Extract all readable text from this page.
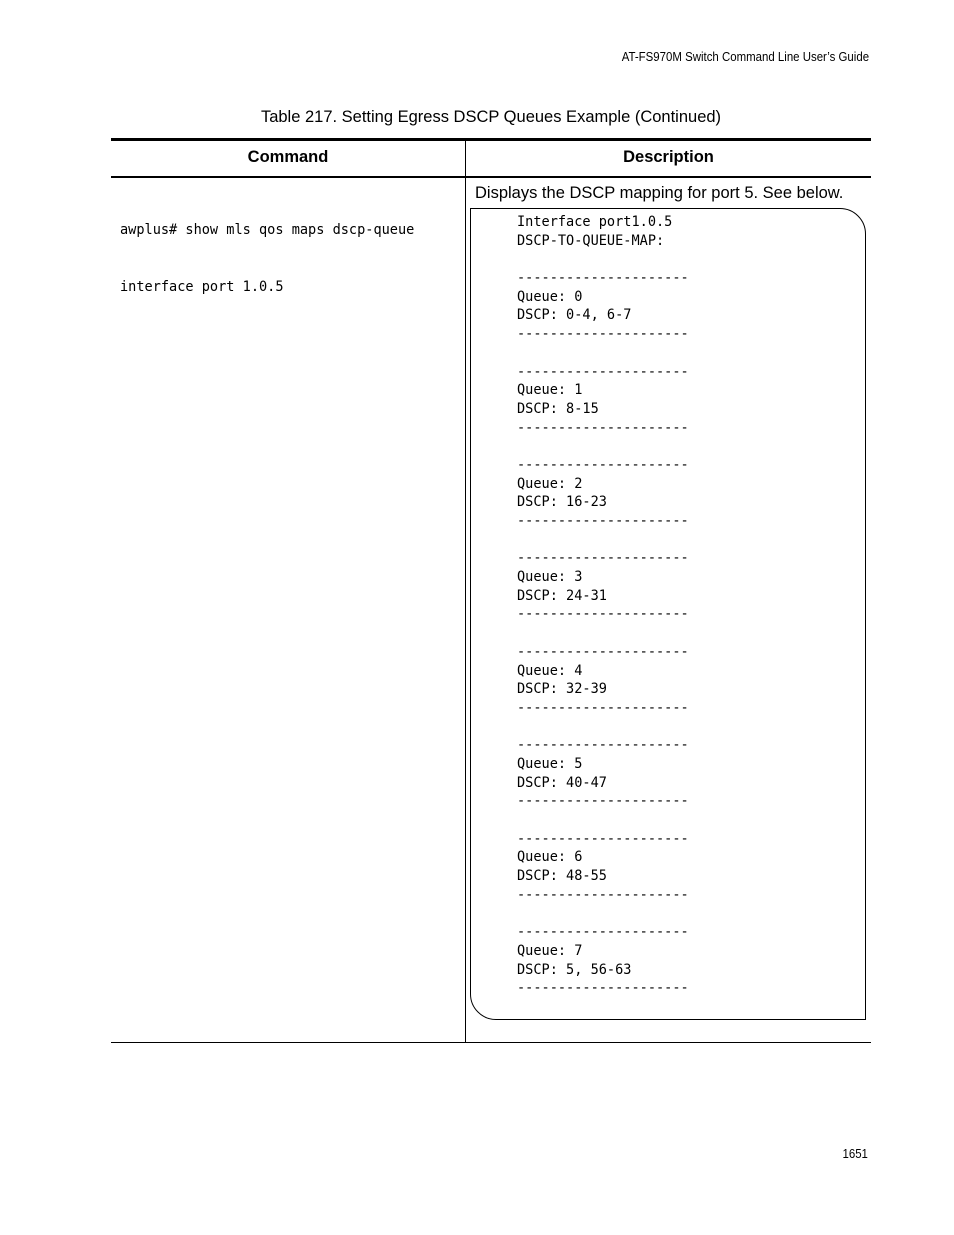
AT-FS970M Switch Command Line User’s Guide
Table 217. Setting Egress DSCP Queues Example (Continued)
Command	Description

awplus# show mls qos maps dscp-queue

interface port 1.0.5

Displays the DSCP mapping for port 5. See below.
Interface port1.0.5
DSCP-TO-QUEUE-MAP:
---------------------
Queue: 0
DSCP: 0-4, 6-7
---------------------
---------------------
Queue: 1
DSCP: 8-15
---------------------
---------------------
Queue: 2
DSCP: 16-23
---------------------
---------------------
Queue: 3
DSCP: 24-31
---------------------
---------------------
Queue: 4
DSCP: 32-39
---------------------
---------------------
Queue: 5
DSCP: 40-47
---------------------
---------------------
Queue: 6
DSCP: 48-55
---------------------
---------------------
Queue: 7
DSCP: 5, 56-63
---------------------
1651
